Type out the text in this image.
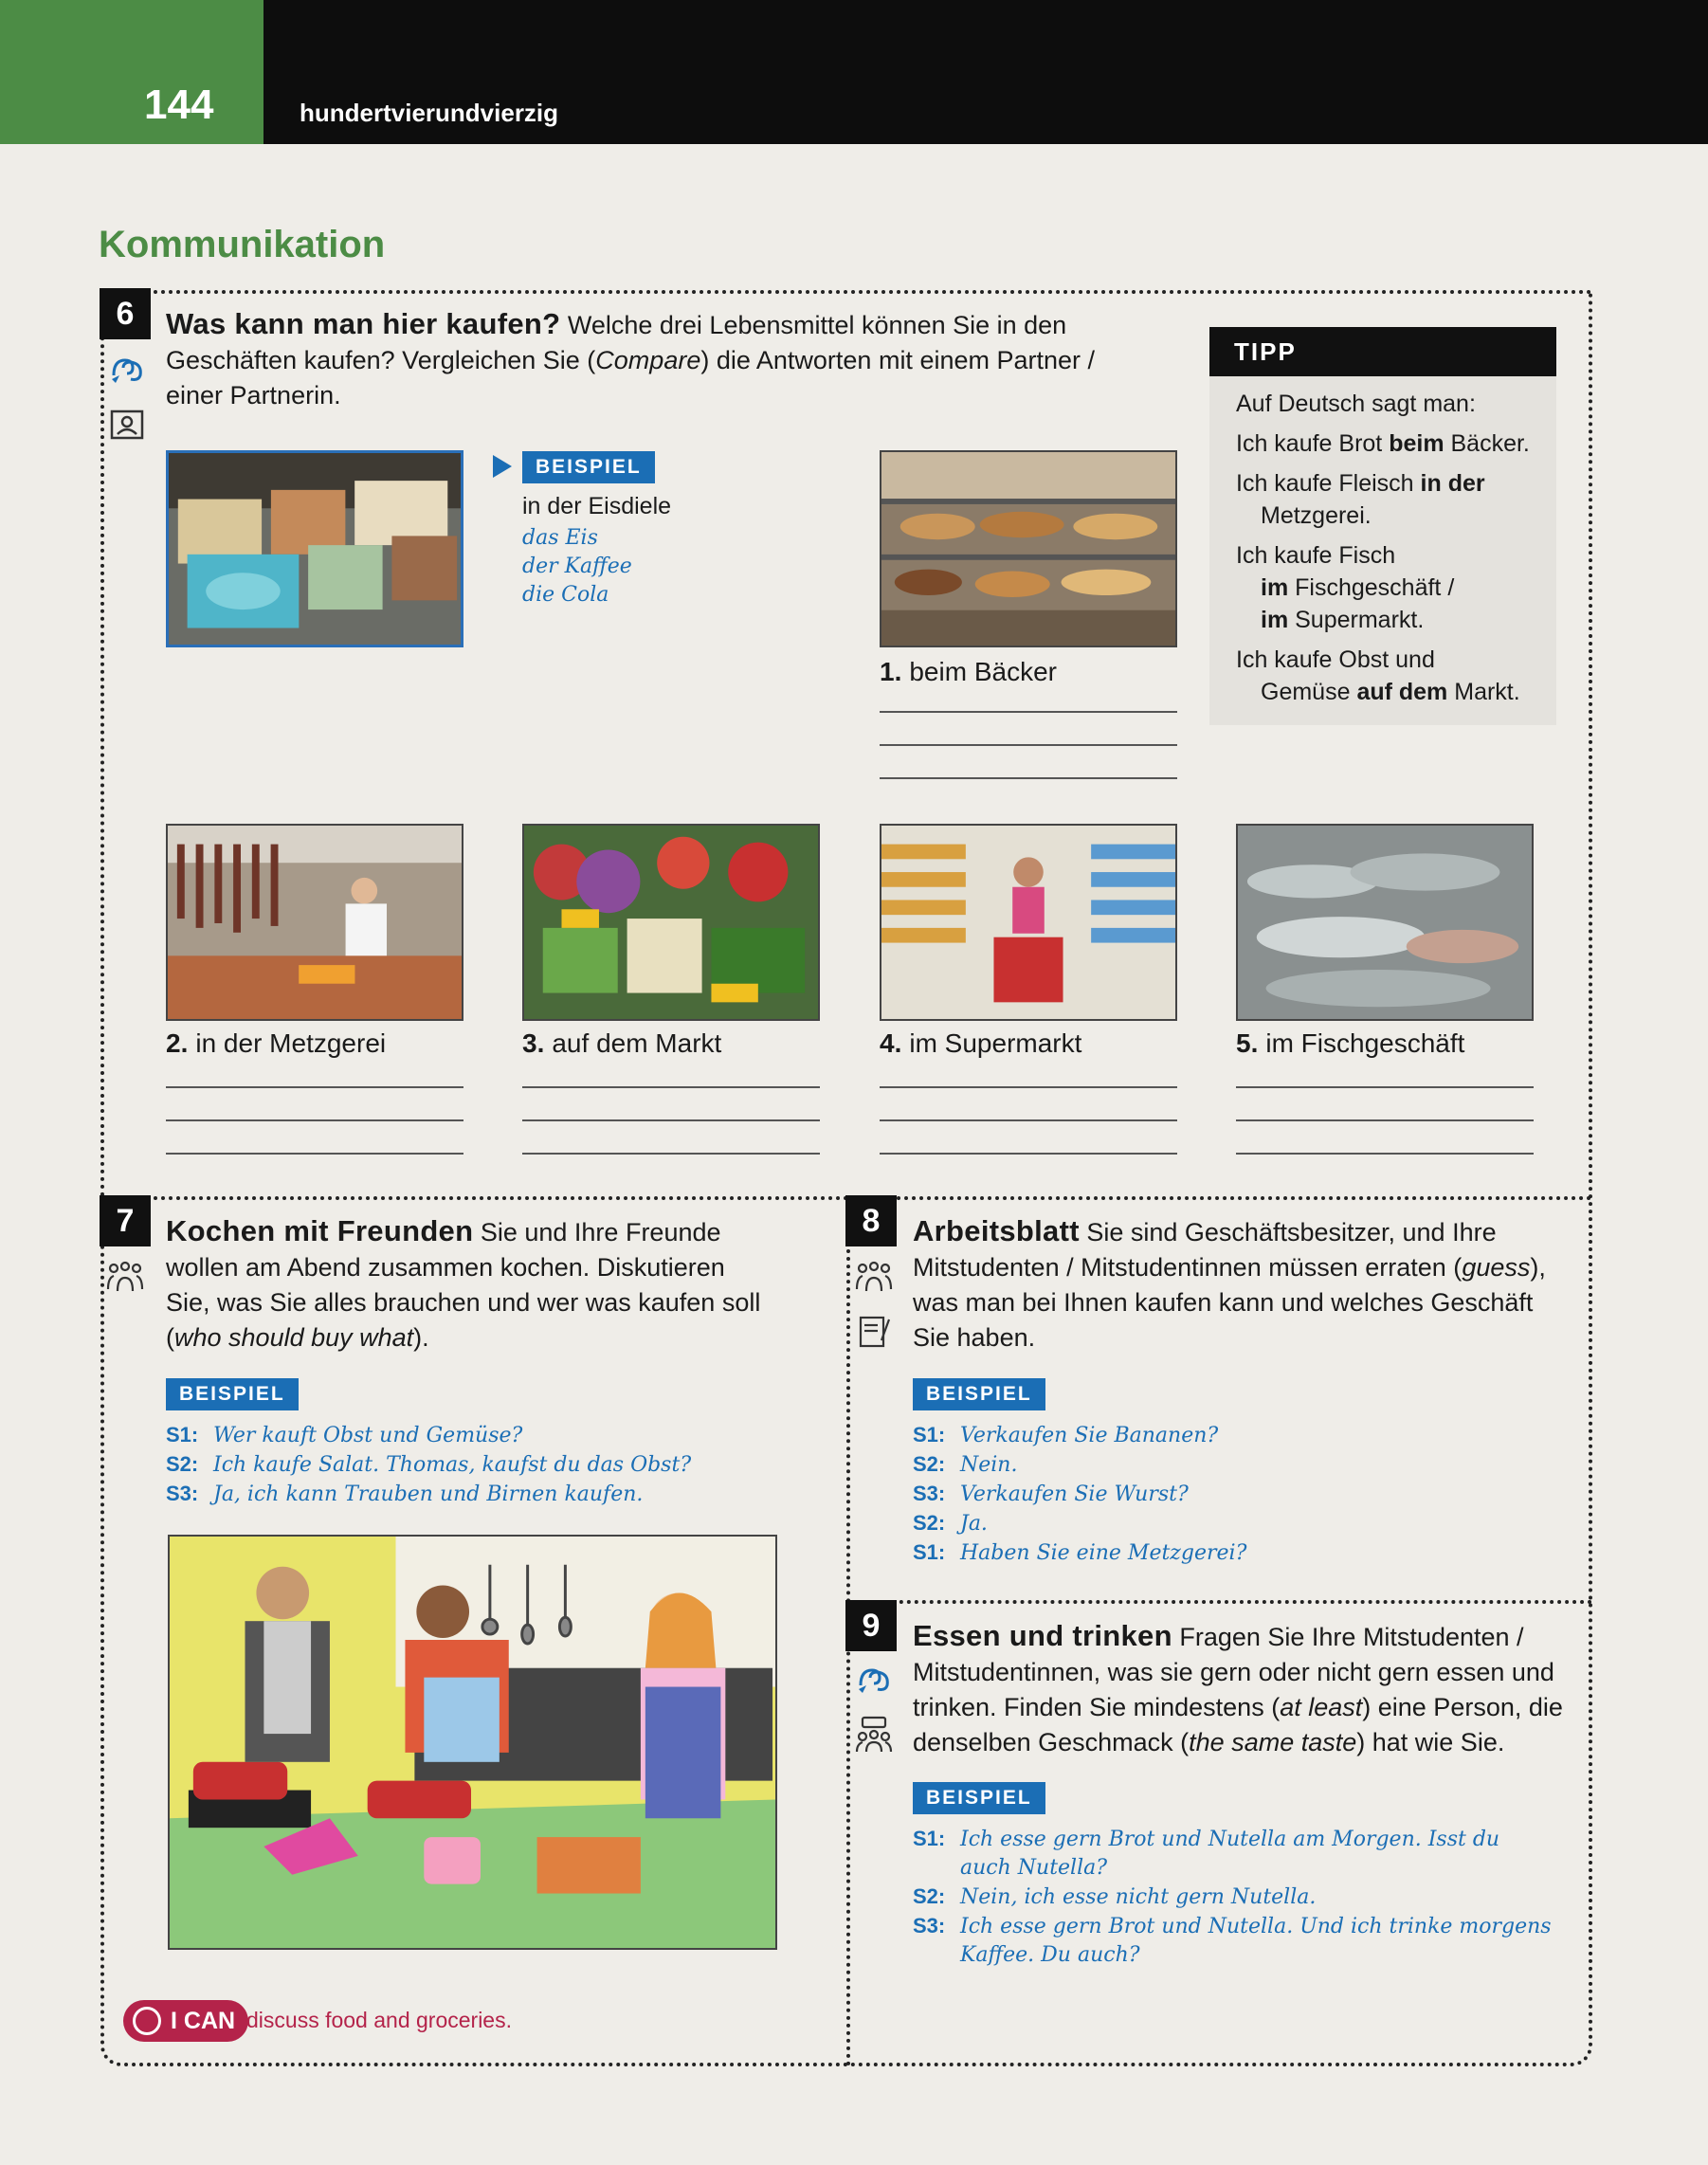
144	hundertvierundvierzig
Kommunikation
6	Was kann man hier kaufen? Welche drei Lebensmittel können Sie in den Geschäften kaufen? Vergleichen Sie (Compare) die Antworten mit einem Partner / einer Partnerin.
TIPP

Auf Deutsch sagt man:

Ich kaufe Brot beim Bäcker.

Ich kaufe Fleisch in der
Metzgerei.

Ich kaufe Fisch
im Fischgeschäft /
im Supermarkt.

Ich kaufe Obst und
Gemüse auf dem Markt.

BEISPIEL
in der Eisdiele
das Eis
der Kaffee
die Cola
1. beim Bäcker
2. in der Metzgerei	3. auf dem Markt	4. im Supermarkt	5. im Fischgeschäft
7	Kochen mit Freunden Sie und Ihre Freunde wollen am Abend zusammen kochen. Diskutieren Sie, was Sie alles brauchen und wer was kaufen soll (who should buy what).
BEISPIEL
S1: Wer kauft Obst und Gemüse?
S2: Ich kaufe Salat. Thomas, kaufst du das Obst?
S3: Ja, ich kann Trauben und Birnen kaufen.
I CAN discuss food and groceries.
8	Arbeitsblatt Sie sind Geschäftsbesitzer, und Ihre Mitstudenten / Mitstudentinnen müssen erraten (guess), was man bei Ihnen kaufen kann und welches Geschäft Sie haben.
BEISPIEL
S1: Verkaufen Sie Bananen?
S2: Nein.
S3: Verkaufen Sie Wurst?
S2: Ja.
S1: Haben Sie eine Metzgerei?
9	Essen und trinken Fragen Sie Ihre Mitstudenten / Mitstudentinnen, was sie gern oder nicht gern essen und trinken. Finden Sie mindestens (at least) eine Person, die denselben Geschmack (the same taste) hat wie Sie.
BEISPIEL
S1: Ich esse gern Brot und Nutella am Morgen. Isst du
auch Nutella?
S2: Nein, ich esse nicht gern Nutella.
S3: Ich esse gern Brot und Nutella. Und ich trinke morgens
Kaffee. Du auch?
